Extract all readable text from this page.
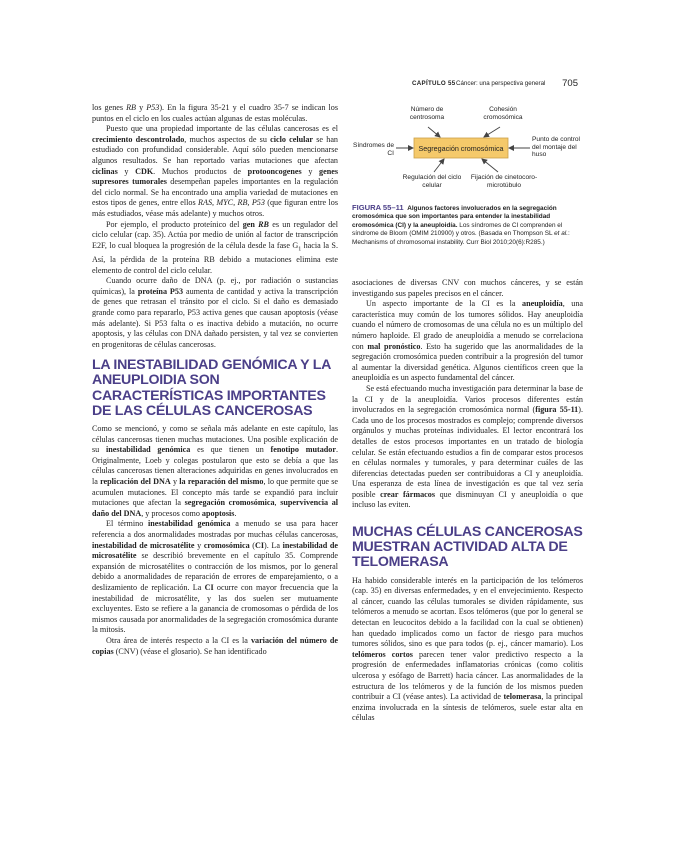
CAPÍTULO 55 Cáncer: una perspectiva general 705

los genes RB y P53). En la figura 35-21 y el cuadro 35-7 se indican los puntos en el ciclo en los cuales actúan algunas de estas moléculas.

Puesto que una propiedad importante de las células cancerosas es el crecimiento descontrolado, muchos aspectos de su ciclo celular se han estudiado con profundidad considerable. Aquí sólo pueden mencionarse algunos resultados. Se han reportado varias mutaciones que afectan ciclinas y CDK. Muchos productos de protooncogenes y genes supresores tumorales desempeñan papeles importantes en la regulación del ciclo normal. Se ha encontrado una amplia variedad de mutaciones en estos tipos de genes, entre ellos RAS, MYC, RB, P53 (que figuran entre los más estudiados, véase más adelante) y muchos otros.

Por ejemplo, el producto proteínico del gen RB es un regulador del ciclo celular (cap. 35). Actúa por medio de unión al factor de transcripción E2F, lo cual bloquea la progresión de la célula desde la fase $G_1$ hacia la S. Así, la pérdida de la proteína RB debido a mutaciones elimina este elemento de control del ciclo celular.

Cuando ocurre daño de DNA (p. ej., por radiación o sustancias químicas), la proteína P53 aumenta de cantidad y activa la transcripción de genes que retrasan el tránsito por el ciclo. Si el daño es demasiado grande como para repararlo, P53 activa genes que causan apoptosis (véase más adelante). Si P53 falta o es inactiva debido a mutación, no ocurre apoptosis, y las células con DNA dañado persisten, y tal vez se convierten en progenitoras de células cancerosas.

LA INESTABILIDAD GENÓMICA Y LA ANEUPLOIDIA SON CARACTERÍSTICAS IMPORTANTES DE LAS CÉLULAS CANCEROSAS

Como se mencionó, y como se señala más adelante en este capítulo, las células cancerosas tienen muchas mutaciones. Una posible explicación de su inestabilidad genómica es que tienen un fenotipo mutador. Originalmente, Loeb y colegas postularon que esto se debía a que las células cancerosas tienen alteraciones adquiridas en genes involucrados en la replicación del DNA y la reparación del mismo, lo que permite que se acumulen mutaciones. El concepto más tarde se expandió para incluir mutaciones que afectan la segregación cromosómica, supervivencia al daño del DNA, y procesos como apoptosis.

El término inestabilidad genómica a menudo se usa para hacer referencia a dos anormalidades mostradas por muchas células cancerosas, inestabilidad de microsatélite y cromosómica (CI). La inestabilidad de microsatélite se describió brevemente en el capítulo 35. Comprende expansión de microsatélites o contracción de los mismos, por lo general debido a anormalidades de reparación de errores de emparejamiento, o a deslizamiento de replicación. La CI ocurre con mayor frecuencia que la inestabilidad de microsatélite, y las dos suelen ser mutuamente excluyentes. Esto se refiere a la ganancia de cromosomas o pérdida de los mismos causada por anormalidades de la segregación cromosómica durante la mitosis.

Otra área de interés respecto a la CI es la variación del número de copias (CNV) (véase el glosario). Se han identificado

Segregación cromosómica
Número de centrosoma
Cohesión cromosómica
Síndromes de CI
Punto de control del montaje del huso
Regulación del ciclo celular
Fijación de cinetocoro-microtúbulo
FIGURA 55–11 Algunos factores involucrados en la segregación cromosómica que son importantes para entender la inestabilidad cromosómica (CI) y la aneuploidía. Los síndromes de CI comprenden el síndrome de Bloom (OMIM 210900) y otros. (Basada en Thompson SL et al.: Mechanisms of chromosomal instability. Curr Biol 2010;20(6):R285.)

asociaciones de diversas CNV con muchos cánceres, y se están investigando sus papeles precisos en el cáncer.

Un aspecto importante de la CI es la aneuploidía, una característica muy común de los tumores sólidos. Hay aneuploidía cuando el número de cromosomas de una célula no es un múltiplo del número haploide. El grado de aneuploidía a menudo se correlaciona con mal pronóstico. Esto ha sugerido que las anormalidades de la segregación cromosómica pueden contribuir a la progresión del tumor al aumentar la diversidad genética. Algunos científicos creen que la aneuploidía es un aspecto fundamental del cáncer.

Se está efectuando mucha investigación para determinar la base de la CI y de la aneuploidía. Varios procesos diferentes están involucrados en la segregación cromosómica normal (figura 55-11). Cada uno de los procesos mostrados es complejo; comprende diversos orgánulos y muchas proteínas individuales. El lector encontrará los detalles de estos procesos importantes en un tratado de biología celular. Se están efectuando estudios a fin de comparar estos procesos en células normales y tumorales, y para determinar cuáles de las diferencias detectadas pueden ser contribuidoras a CI y aneuploidía. Una esperanza de esta línea de investigación es que tal vez sería posible crear fármacos que disminuyan CI y aneuploidía o que incluso las eviten.

MUCHAS CÉLULAS CANCEROSAS MUESTRAN ACTIVIDAD ALTA DE TELOMERASA

Ha habido considerable interés en la participación de los telómeros (cap. 35) en diversas enfermedades, y en el envejecimiento. Respecto al cáncer, cuando las células tumorales se dividen rápidamente, sus telómeros a menudo se acortan. Esos telómeros (que por lo general se detectan en leucocitos debido a la facilidad con la cual se obtienen) han quedado implicados como un factor de riesgo para muchos tumores sólidos, sino es que para todos (p. ej., cáncer mamario). Los telómeros cortos parecen tener valor predictivo respecto a la progresión de enfermedades inflamatorias crónicas (como colitis ulcerosa y esófago de Barrett) hacia cáncer. Las anormalidades de la estructura de los telómeros y de la función de los mismos pueden contribuir a CI (véase antes). La actividad de telomerasa, la principal enzima involucrada en la síntesis de telómeros, suele estar alta en células
